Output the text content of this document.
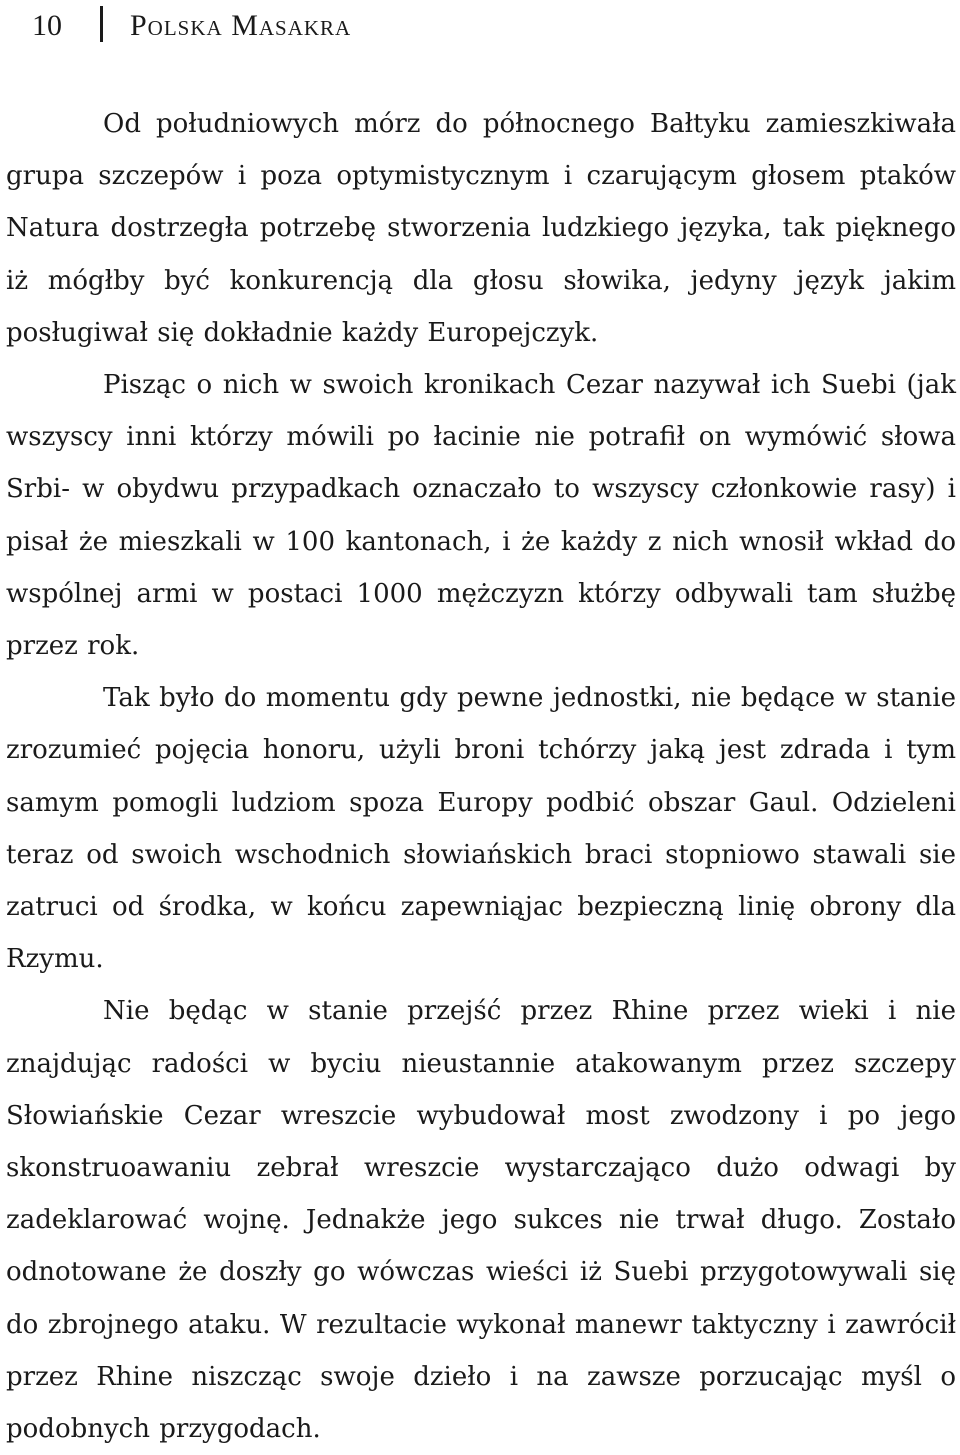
10 Polska Masakra

Od południowych mórz do północnego Bałtyku zamieszkiwała grupa szczepów i poza optymistycznym i czarującym głosem ptaków Natura dostrzegła potrzebę stworzenia ludzkiego języka, tak pięknego iż mógłby być konkurencją dla głosu słowika, jedyny język jakim posługiwał się dokładnie każdy Europejczyk.

Pisząc o nich w swoich kronikach Cezar nazywał ich Suebi (jak wszyscy inni którzy mówili po łacinie nie potrafił on wymówić słowa Srbi- w obydwu przypadkach oznaczało to wszyscy członkowie rasy) i pisał że mieszkali w 100 kantonach, i że każdy z nich wnosił wkład do wspólnej armi w postaci 1000 mężczyzn którzy odbywali tam służbę przez rok.

Tak było do momentu gdy pewne jednostki, nie będące w stanie zrozumieć pojęcia honoru, użyli broni tchórzy jaką jest zdrada i tym samym pomogli ludziom spoza Europy podbić obszar Gaul. Odzieleni teraz od swoich wschodnich słowiańskich braci stopniowo stawali sie zatruci od środka, w końcu zapewniąjac bezpieczną linię obrony dla Rzymu.

Nie będąc w stanie przejść przez Rhine przez wieki i nie znajdując radości w byciu nieustannie atakowanym przez szczepy Słowiańskie Cezar wreszcie wybudował most zwodzony i po jego skonstruoawaniu zebrał wreszcie wystarczająco dużo odwagi by zadeklarować wojnę. Jednakże jego sukces nie trwał długo. Zostało odnotowane że doszły go wówczas wieści iż Suebi przygotowywali się do zbrojnego ataku. W rezultacie wykonał manewr taktyczny i zawrócił przez Rhine niszcząc swoje dzieło i na zawsze porzucając myśl o podobnych przygodach.
